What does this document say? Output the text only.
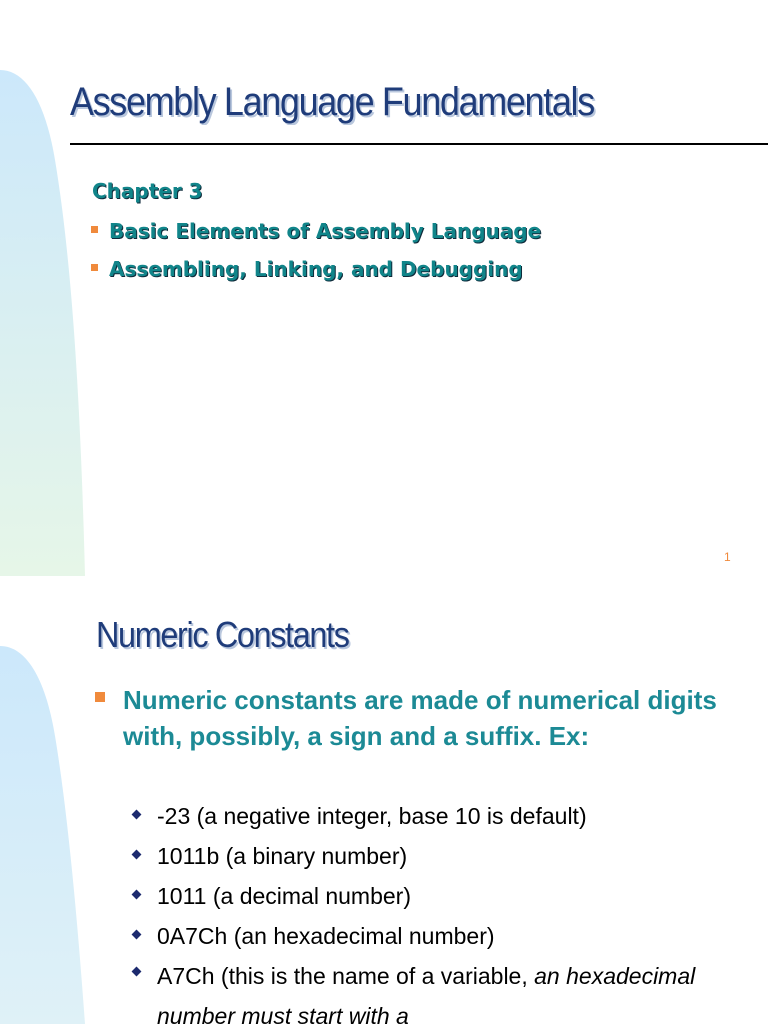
Assembly Language Fundamentals
Chapter 3
Basic Elements of Assembly Language
Assembling, Linking, and Debugging
1
Numeric Constants
Numeric constants are made of numerical digits with, possibly, a sign and a suffix. Ex:
-23 (a negative integer, base 10 is default)
1011b (a binary number)
1011 (a decimal number)
0A7Ch (an hexadecimal number)
A7Ch (this is the name of a variable, an hexadecimal number must start with a
